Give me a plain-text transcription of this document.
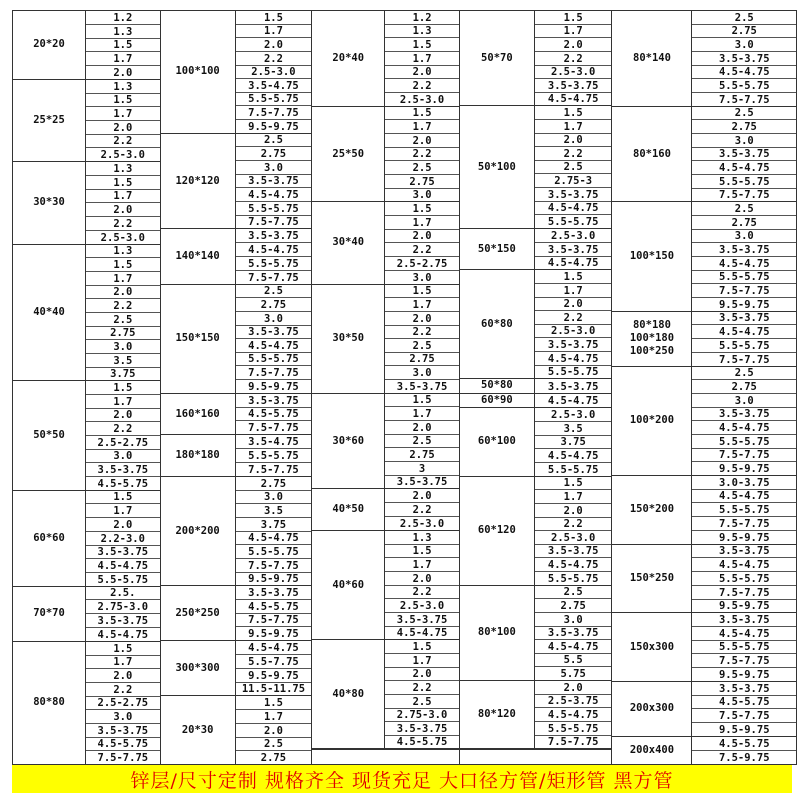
20*20
1.2
1.3
1.5
1.7
2.0
25*25
1.3
1.5
1.7
2.0
2.2
2.5-3.0
30*30
1.3
1.5
1.7
2.0
2.2
2.5-3.0
40*40
1.3
1.5
1.7
2.0
2.2
2.5
2.75
3.0
3.5
3.75
50*50
1.5
1.7
2.0
2.2
2.5-2.75
3.0
3.5-3.75
4.5-5.75
60*60
1.5
1.7
2.0
2.2-3.0
3.5-3.75
4.5-4.75
5.5-5.75
70*70
2.5.
2.75-3.0
3.5-3.75
4.5-4.75
80*80
1.5
1.7
2.0
2.2
2.5-2.75
3.0
3.5-3.75
4.5-5.75
7.5-7.75
100*100
1.5
1.7
2.0
2.2
2.5-3.0
3.5-4.75
5.5-5.75
7.5-7.75
9.5-9.75
120*120
2.5
2.75
3.0
3.5-3.75
4.5-4.75
5.5-5.75
7.5-7.75
140*140
3.5-3.75
4.5-4.75
5.5-5.75
7.5-7.75
150*150
2.5
2.75
3.0
3.5-3.75
4.5-4.75
5.5-5.75
7.5-7.75
9.5-9.75
160*160
3.5-3.75
4.5-5.75
7.5-7.75
180*180
3.5-4.75
5.5-5.75
7.5-7.75
200*200
2.75
3.0
3.5
3.75
4.5-4.75
5.5-5.75
7.5-7.75
9.5-9.75
250*250
3.5-3.75
4.5-5.75
7.5-7.75
9.5-9.75
300*300
4.5-4.75
5.5-7.75
9.5-9.75
11.5-11.75
20*30
1.5
1.7
2.0
2.5
2.75
20*40
1.2
1.3
1.5
1.7
2.0
2.2
2.5-3.0
25*50
1.5
1.7
2.0
2.2
2.5
2.75
3.0
30*40
1.5
1.7
2.0
2.2
2.5-2.75
3.0
30*50
1.5
1.7
2.0
2.2
2.5
2.75
3.0
3.5-3.75
30*60
1.5
1.7
2.0
2.5
2.75
3
3.5-3.75
40*50
2.0
2.2
2.5-3.0
40*60
1.3
1.5
1.7
2.0
2.2
2.5-3.0
3.5-3.75
4.5-4.75
40*80
1.5
1.7
2.0
2.2
2.5
2.75-3.0
3.5-3.75
4.5-5.75
50*70
1.5
1.7
2.0
2.2
2.5-3.0
3.5-3.75
4.5-4.75
50*100
1.5
1.7
2.0
2.2
2.5
2.75-3
3.5-3.75
4.5-4.75
5.5-5.75
50*150
2.5-3.0
3.5-3.75
4.5-4.75
60*80
1.5
1.7
2.0
2.2
2.5-3.0
3.5-3.75
4.5-4.75
5.5-5.75
50*80	3.5-3.75
60*90	4.5-4.75
60*100
2.5-3.0
3.5
3.75
4.5-4.75
5.5-5.75
60*120
1.5
1.7
2.0
2.2
2.5-3.0
3.5-3.75
4.5-4.75
5.5-5.75
80*100
2.5
2.75
3.0
3.5-3.75
4.5-4.75
5.5
5.75
80*120
2.0
2.5-3.75
4.5-4.75
5.5-5.75
7.5-7.75
80*140
2.5
2.75
3.0
3.5-3.75
4.5-4.75
5.5-5.75
7.5-7.75
80*160
2.5
2.75
3.0
3.5-3.75
4.5-4.75
5.5-5.75
7.5-7.75
100*150
2.5
2.75
3.0
3.5-3.75
4.5-4.75
5.5-5.75
7.5-7.75
9.5-9.75
80*180
100*180
100*250
3.5-3.75
4.5-4.75
5.5-5.75
7.5-7.75
100*200
2.5
2.75
3.0
3.5-3.75
4.5-4.75
5.5-5.75
7.5-7.75
9.5-9.75
150*200
3.0-3.75
4.5-4.75
5.5-5.75
7.5-7.75
9.5-9.75
150*250
3.5-3.75
4.5-4.75
5.5-5.75
7.5-7.75
9.5-9.75
150x300
3.5-3.75
4.5-4.75
5.5-5.75
7.5-7.75
9.5-9.75
200x300
3.5-3.75
4.5-5.75
7.5-7.75
9.5-9.75
200x400	4.5-5.75
7.5-9.75
锌层/尺寸定制 规格齐全 现货充足 大口径方管/矩形管 黑方管
